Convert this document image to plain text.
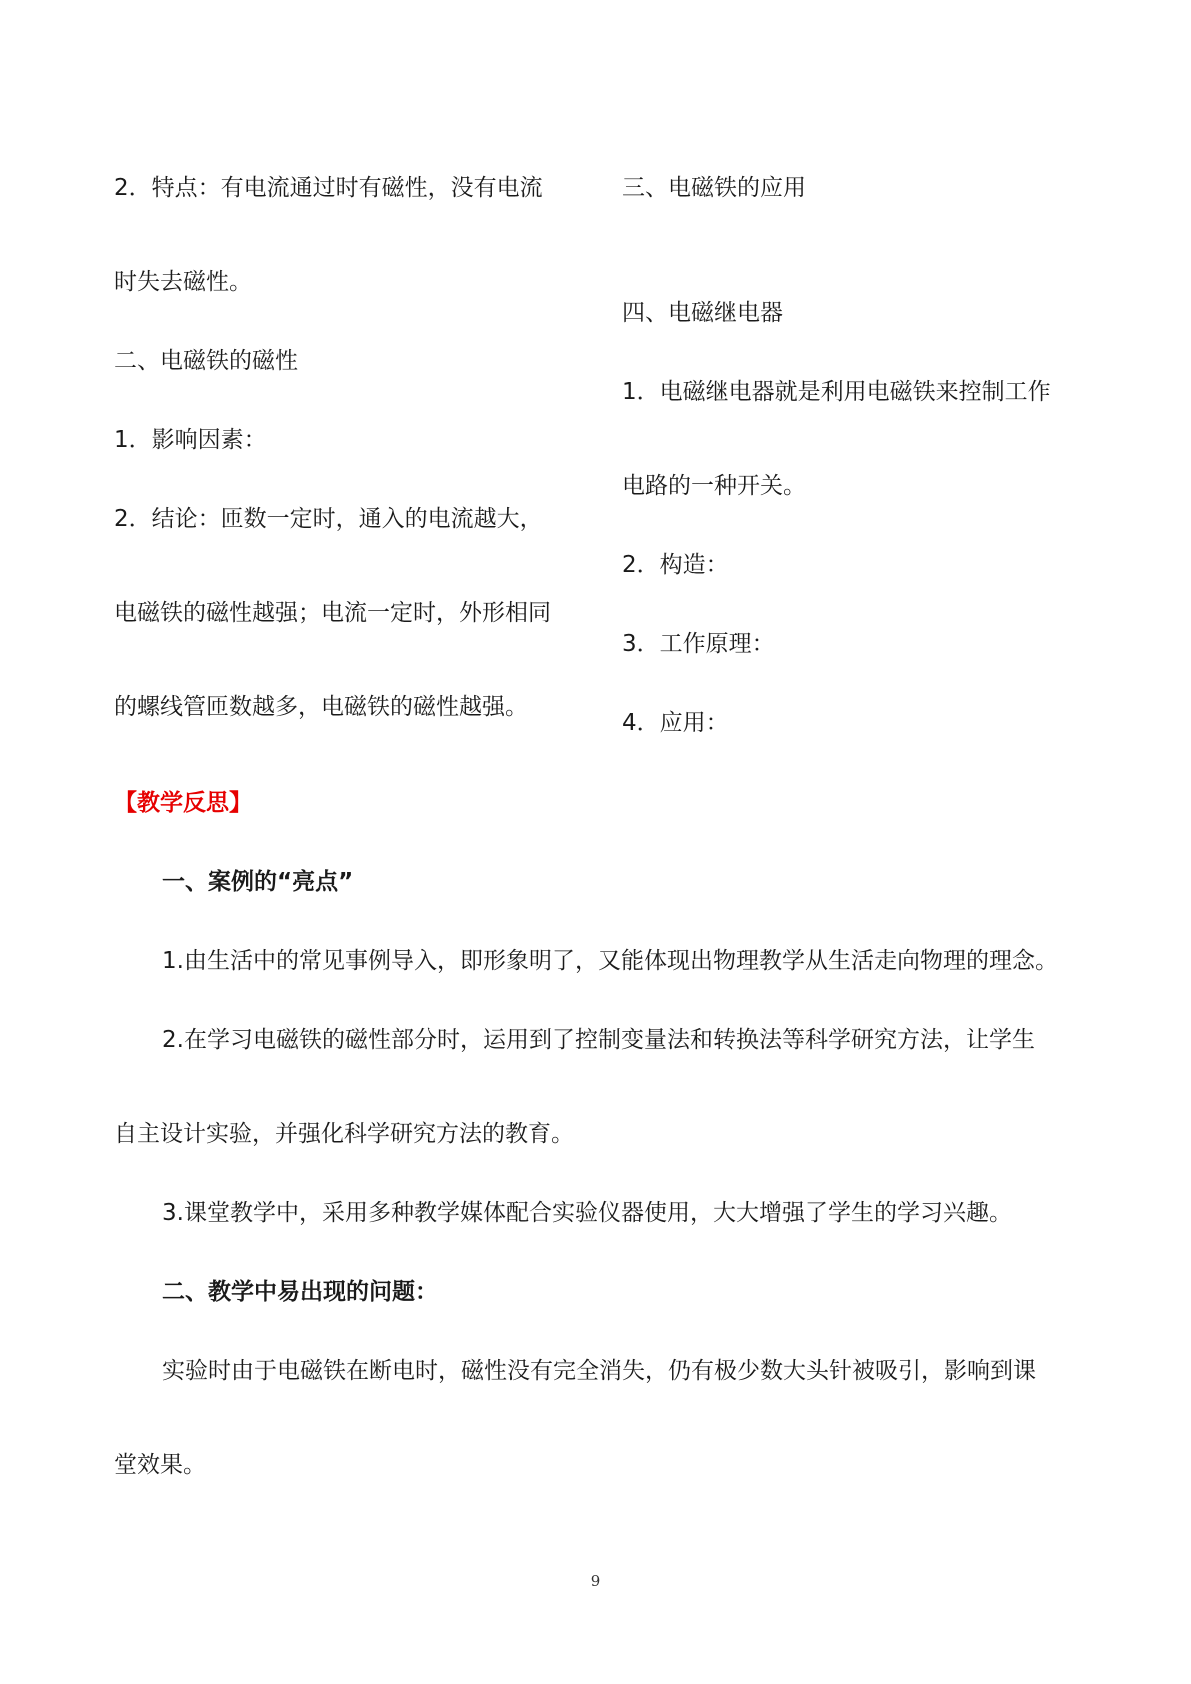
2．特点：有电流通过时有磁性，没有电流
时失去磁性。
二、电磁铁的磁性
1．影响因素：
2．结论：匝数一定时，通入的电流越大，
电磁铁的磁性越强；电流一定时，外形相同
的螺线管匝数越多，电磁铁的磁性越强。
三、电磁铁的应用
四、电磁继电器
1．电磁继电器就是利用电磁铁来控制工作
电路的一种开关。
2．构造：
3．工作原理：
4．应用：
【教学反思】
一、案例的“亮点”
1.由生活中的常见事例导入，即形象明了，又能体现出物理教学从生活走向物理的理念。
2.在学习电磁铁的磁性部分时，运用到了控制变量法和转换法等科学研究方法，让学生
自主设计实验，并强化科学研究方法的教育。
3.课堂教学中，采用多种教学媒体配合实验仪器使用，大大增强了学生的学习兴趣。
二、教学中易出现的问题：
实验时由于电磁铁在断电时，磁性没有完全消失，仍有极少数大头针被吸引，影响到课
堂效果。
9
